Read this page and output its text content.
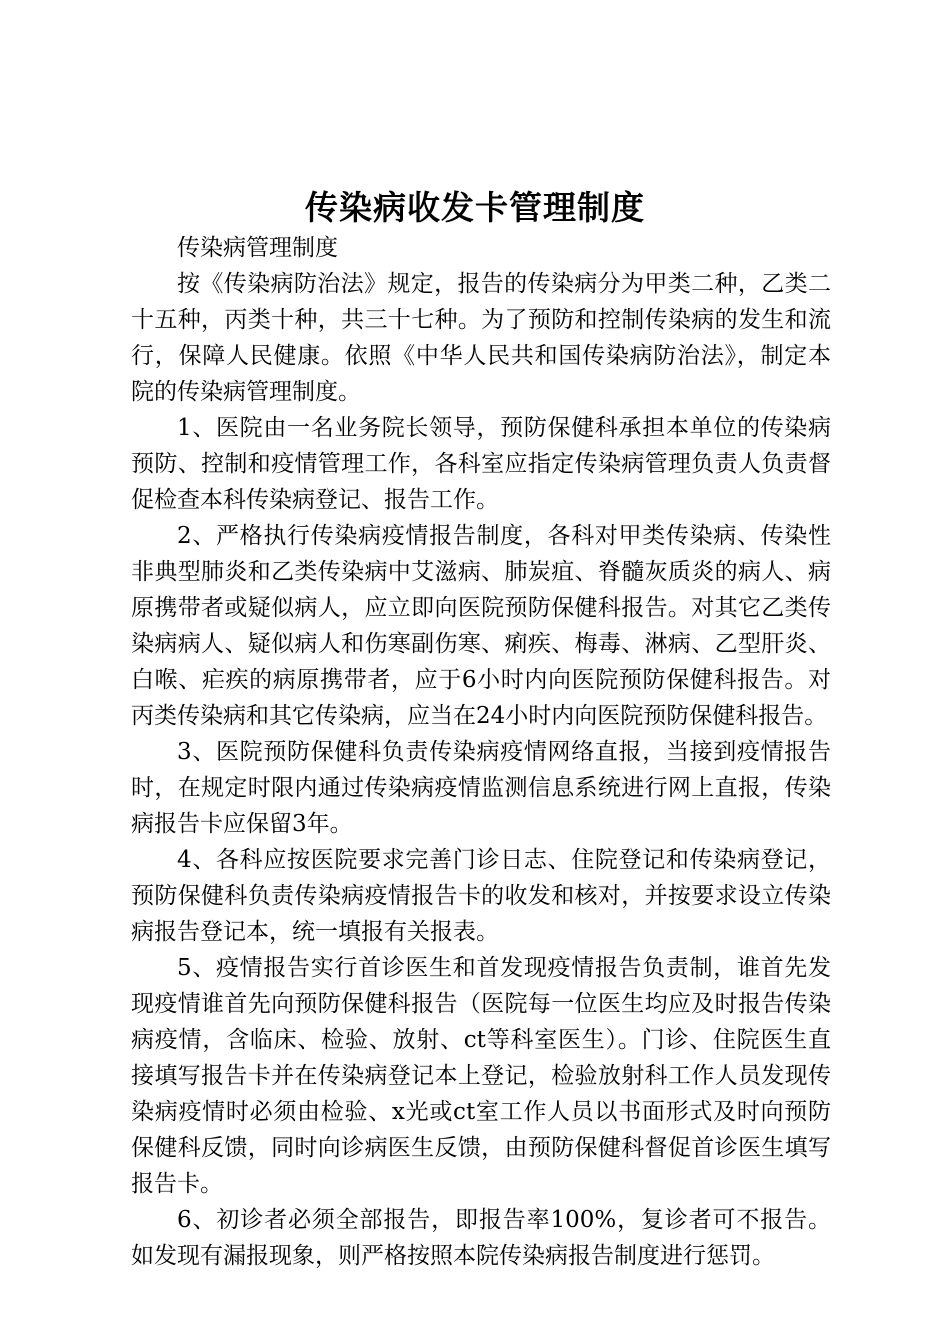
传染病收发卡管理制度

传染病管理制度

按《传染病防治法》规定，报告的传染病分为甲类二种，乙类二十五种，丙类十种，共三十七种。为了预防和控制传染病的发生和流行，保障人民健康。依照《中华人民共和国传染病防治法》，制定本院的传染病管理制度。

1、医院由一名业务院长领导，预防保健科承担本单位的传染病预防、控制和疫情管理工作，各科室应指定传染病管理负责人负责督促检查本科传染病登记、报告工作。

2、严格执行传染病疫情报告制度，各科对甲类传染病、传染性非典型肺炎和乙类传染病中艾滋病、肺炭疽、脊髓灰质炎的病人、病原携带者或疑似病人，应立即向医院预防保健科报告。对其它乙类传染病病人、疑似病人和伤寒副伤寒、痢疾、梅毒、淋病、乙型肝炎、白喉、疟疾的病原携带者，应于6小时内向医院预防保健科报告。对丙类传染病和其它传染病，应当在24小时内向医院预防保健科报告。

3、医院预防保健科负责传染病疫情网络直报，当接到疫情报告时，在规定时限内通过传染病疫情监测信息系统进行网上直报，传染病报告卡应保留3年。

4、各科应按医院要求完善门诊日志、住院登记和传染病登记，预防保健科负责传染病疫情报告卡的收发和核对，并按要求设立传染病报告登记本，统一填报有关报表。

5、疫情报告实行首诊医生和首发现疫情报告负责制，谁首先发现疫情谁首先向预防保健科报告（医院每一位医生均应及时报告传染病疫情，含临床、检验、放射、ct等科室医生）。门诊、住院医生直接填写报告卡并在传染病登记本上登记，检验放射科工作人员发现传染病疫情时必须由检验、x光或ct室工作人员以书面形式及时向预防保健科反馈，同时向诊病医生反馈，由预防保健科督促首诊医生填写报告卡。

6、初诊者必须全部报告，即报告率100%，复诊者可不报告。如发现有漏报现象，则严格按照本院传染病报告制度进行惩罚。
